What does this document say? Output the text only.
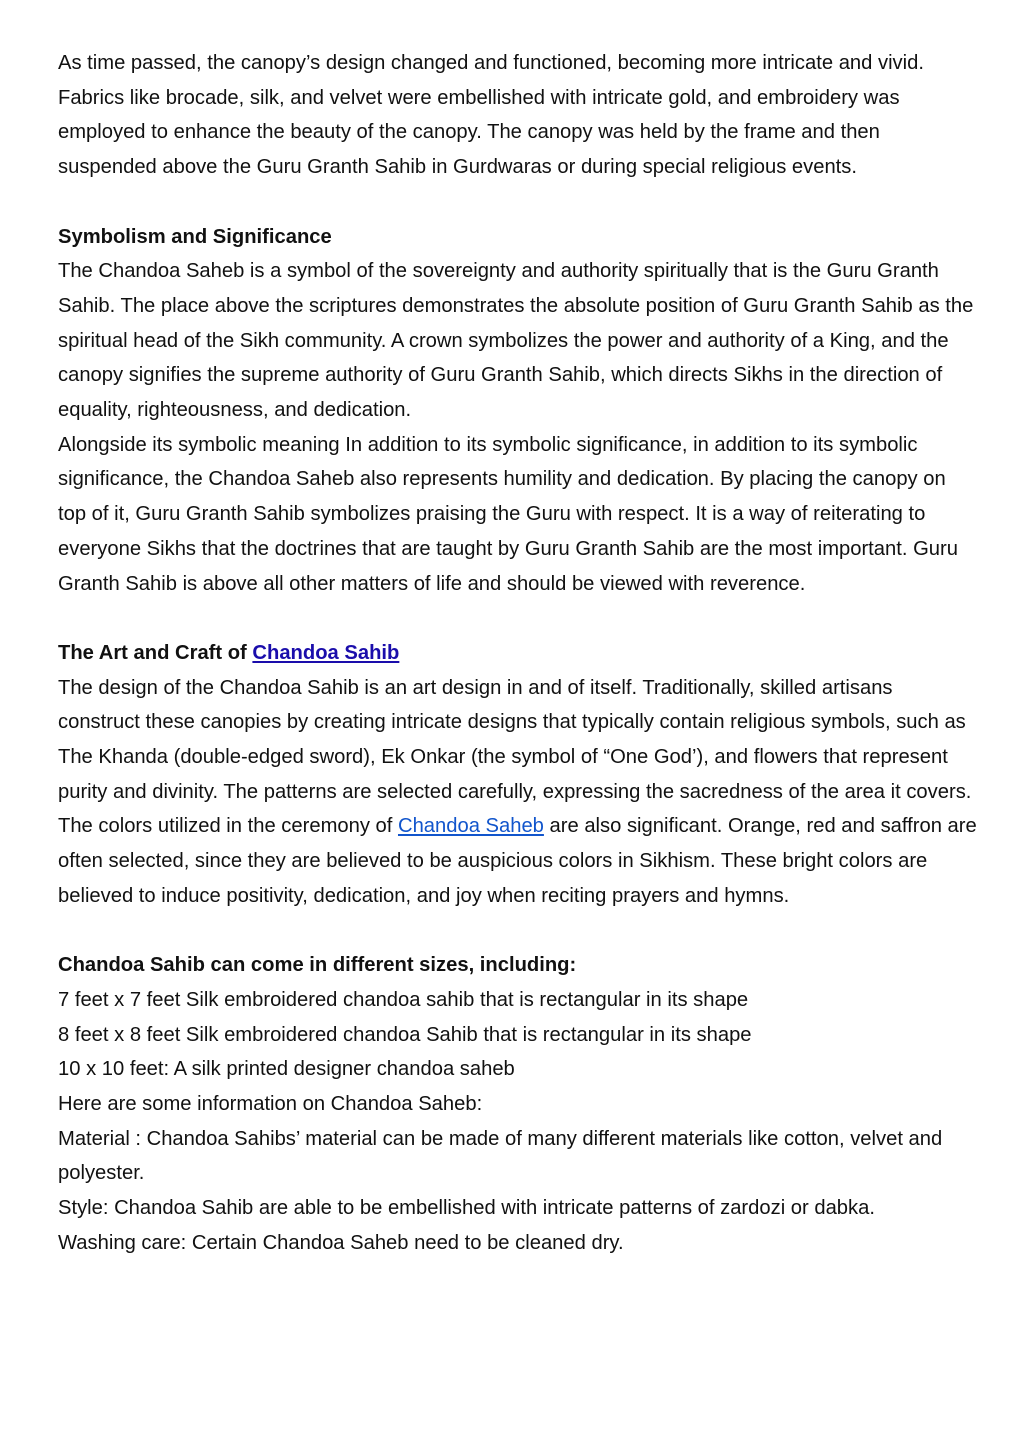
As time passed, the canopy’s design changed and functioned, becoming more intricate and vivid. Fabrics like brocade, silk, and velvet were embellished with intricate gold, and embroidery was employed to enhance the beauty of the canopy. The canopy was held by the frame and then suspended above the Guru Granth Sahib in Gurdwaras or during special religious events.

Symbolism and Significance

The Chandoa Saheb is a symbol of the sovereignty and authority spiritually that is the Guru Granth Sahib. The place above the scriptures demonstrates the absolute position of Guru Granth Sahib as the spiritual head of the Sikh community. A crown symbolizes the power and authority of a King, and the canopy signifies the supreme authority of Guru Granth Sahib, which directs Sikhs in the direction of equality, righteousness, and dedication.

Alongside its symbolic meaning In addition to its symbolic significance, in addition to its symbolic significance, the Chandoa Saheb also represents humility and dedication. By placing the canopy on top of it, Guru Granth Sahib symbolizes praising the Guru with respect. It is a way of reiterating to everyone Sikhs that the doctrines that are taught by Guru Granth Sahib are the most important. Guru Granth Sahib is above all other matters of life and should be viewed with reverence.

The Art and Craft of Chandoa Sahib

The design of the Chandoa Sahib is an art design in and of itself. Traditionally, skilled artisans construct these canopies by creating intricate designs that typically contain religious symbols, such as The Khanda (double-edged sword), Ek Onkar (the symbol of “One God’), and flowers that represent purity and divinity. The patterns are selected carefully, expressing the sacredness of the area it covers.

The colors utilized in the ceremony of Chandoa Saheb are also significant. Orange, red and saffron are often selected, since they are believed to be auspicious colors in Sikhism. These bright colors are believed to induce positivity, dedication, and joy when reciting prayers and hymns.

Chandoa Sahib can come in different sizes, including:

7 feet x 7 feet Silk embroidered chandoa sahib that is rectangular in its shape

8 feet x 8 feet Silk embroidered chandoa Sahib that is rectangular in its shape

10 x 10 feet: A silk printed designer chandoa saheb

Here are some information on Chandoa Saheb:

Material : Chandoa Sahibs’ material can be made of many different materials like cotton, velvet and polyester.

Style: Chandoa Sahib are able to be embellished with intricate patterns of zardozi or dabka.

Washing care: Certain Chandoa Saheb need to be cleaned dry.
